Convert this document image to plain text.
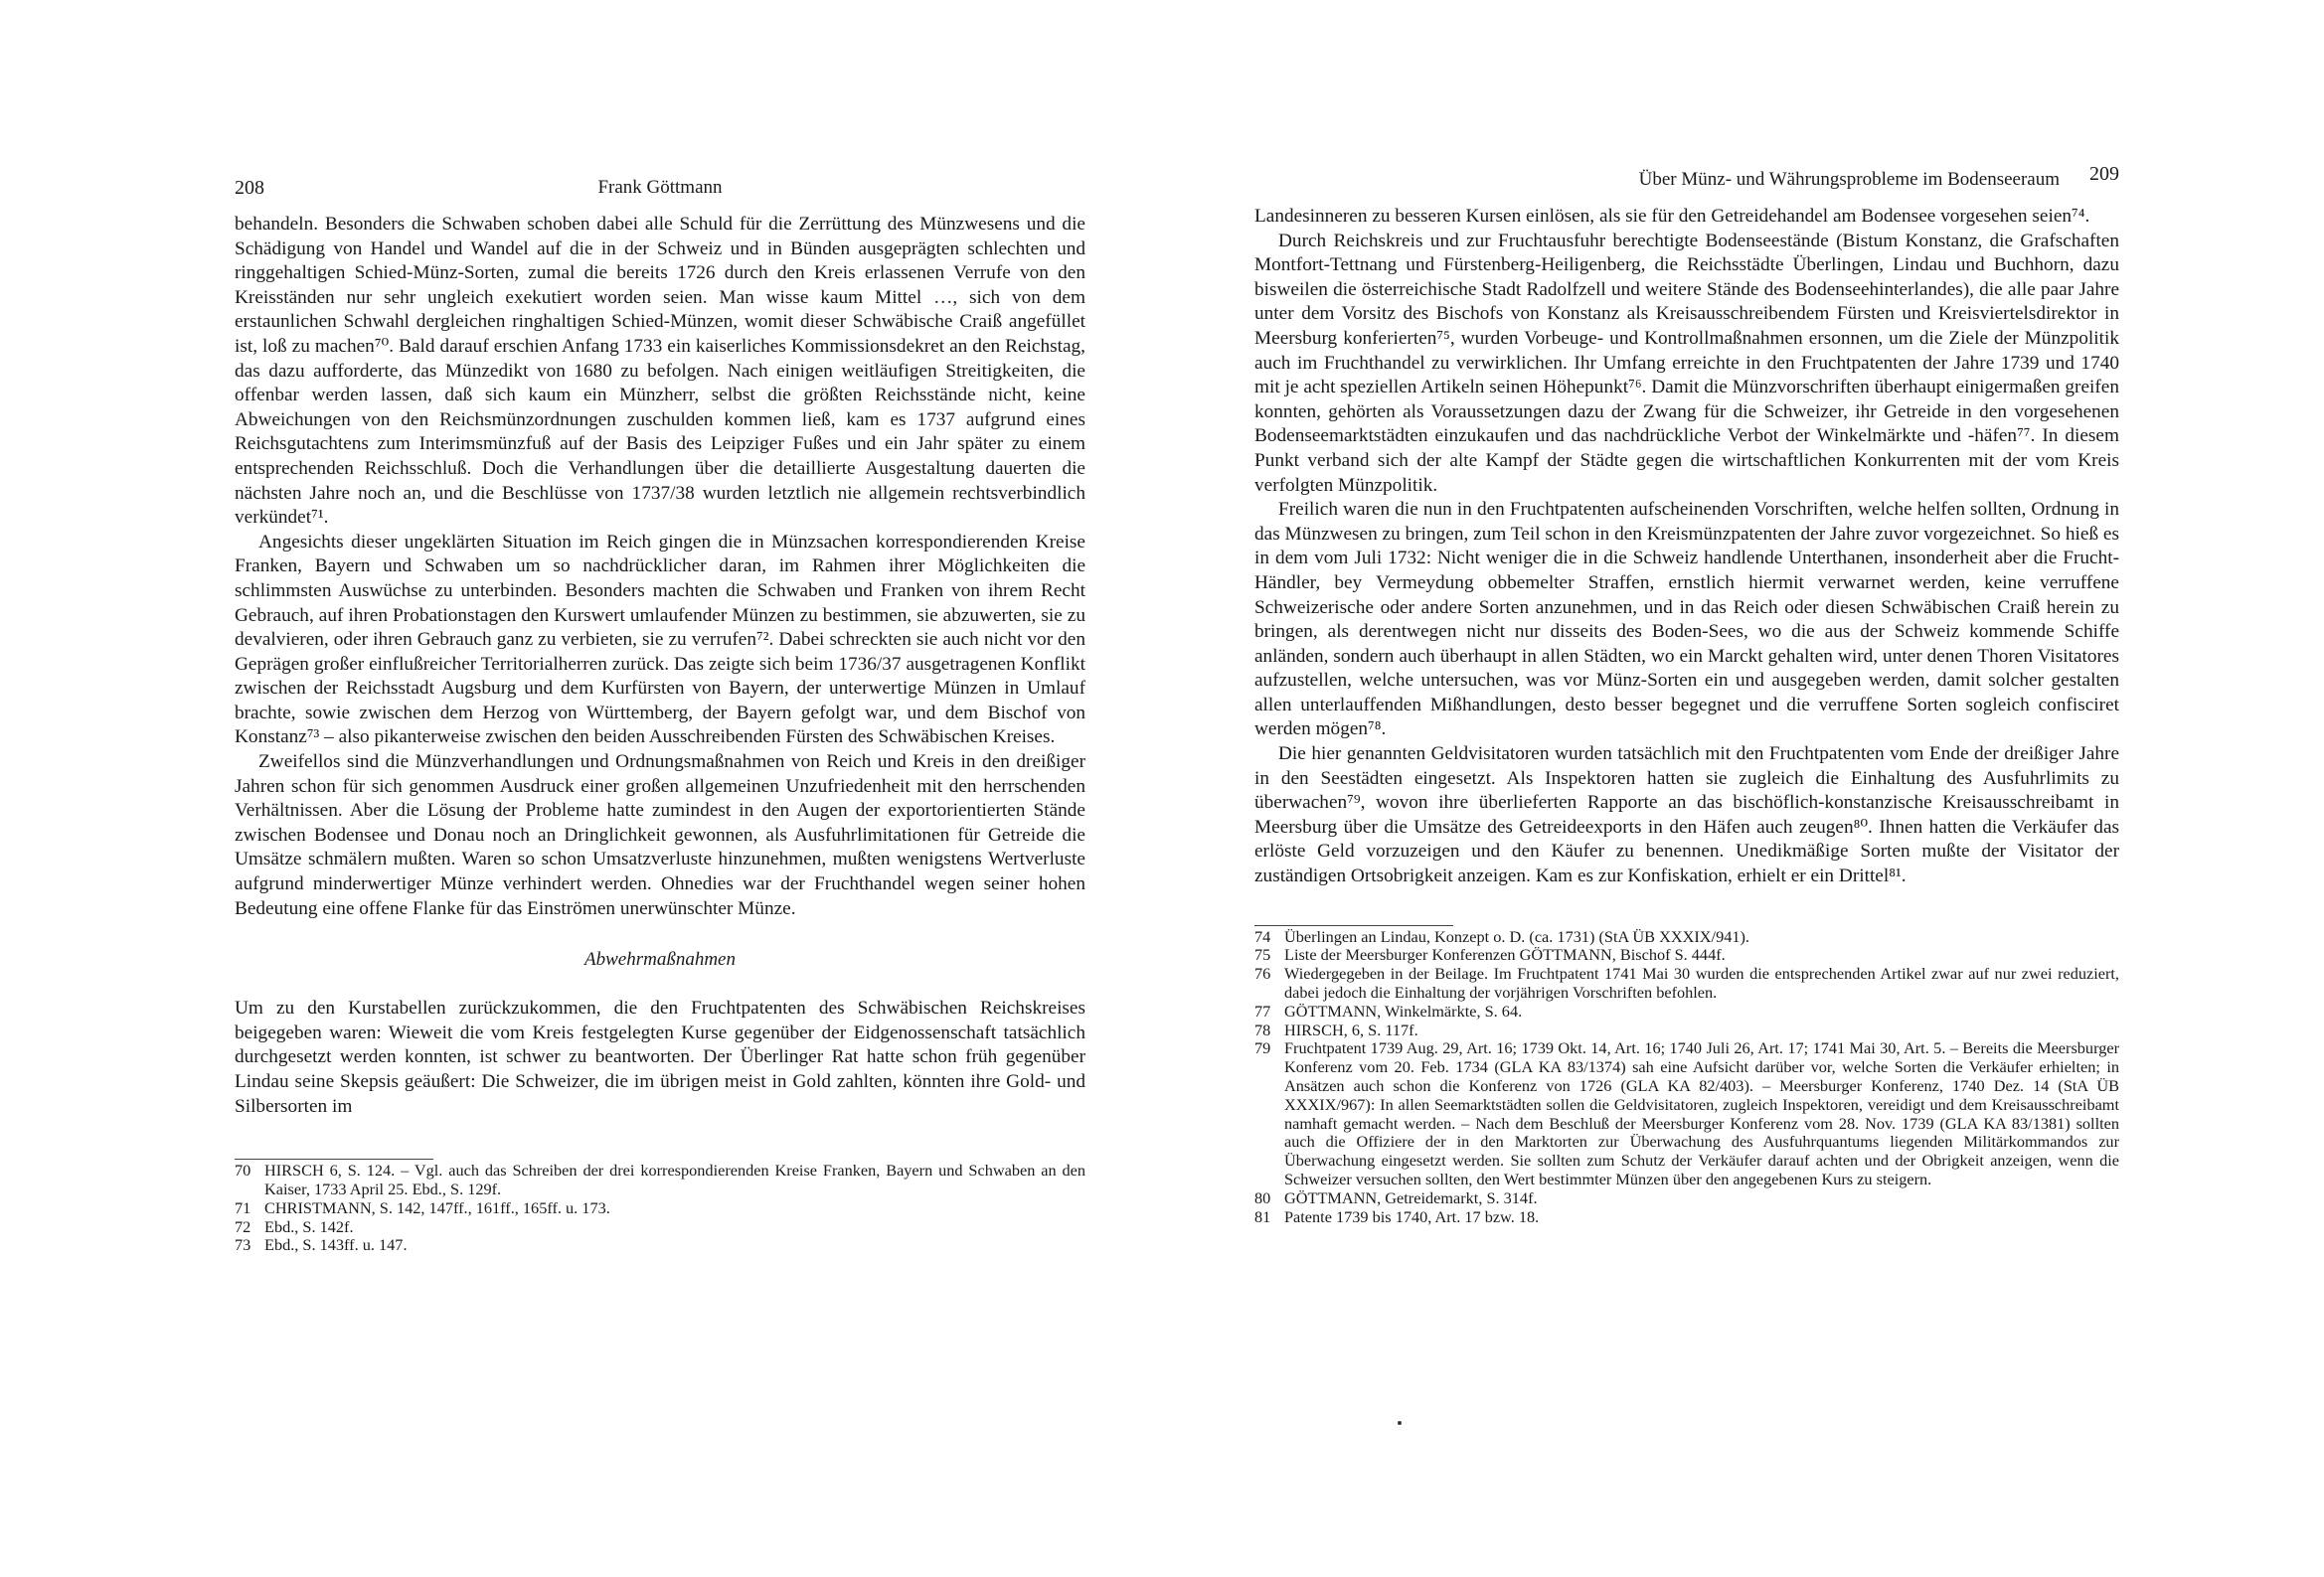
208	Frank Göttmann

behandeln. Besonders die Schwaben schoben dabei alle Schuld für die Zerrüttung des Münzwesens und die Schädigung von Handel und Wandel auf die in der Schweiz und in Bünden ausgeprägten schlechten und ringgehaltigen Schied-Münz-Sorten, zumal die bereits 1726 durch den Kreis erlassenen Verrufe von den Kreisständen nur sehr ungleich exekutiert worden seien. Man wisse kaum Mittel …, sich von dem erstaunlichen Schwahl dergleichen ringhaltigen Schied-Münzen, womit dieser Schwäbische Craiß angefüllet ist, loß zu machen⁷⁰. Bald darauf erschien Anfang 1733 ein kaiserliches Kommissionsdekret an den Reichstag, das dazu aufforderte, das Münzedikt von 1680 zu befolgen. Nach einigen weitläufigen Streitigkeiten, die offenbar werden lassen, daß sich kaum ein Münzherr, selbst die größten Reichsstände nicht, keine Abweichungen von den Reichsmünzordnungen zuschulden kommen ließ, kam es 1737 aufgrund eines Reichsgutachtens zum Interimsmünzfuß auf der Basis des Leipziger Fußes und ein Jahr später zu einem entsprechenden Reichsschluß. Doch die Verhandlungen über die detaillierte Ausgestaltung dauerten die nächsten Jahre noch an, und die Beschlüsse von 1737/38 wurden letztlich nie allgemein rechtsverbindlich verkündet⁷¹.

Angesichts dieser ungeklärten Situation im Reich gingen die in Münzsachen korrespondierenden Kreise Franken, Bayern und Schwaben um so nachdrücklicher daran, im Rahmen ihrer Möglichkeiten die schlimmsten Auswüchse zu unterbinden. Besonders machten die Schwaben und Franken von ihrem Recht Gebrauch, auf ihren Probationstagen den Kurswert umlaufender Münzen zu bestimmen, sie abzuwerten, sie zu devalvieren, oder ihren Gebrauch ganz zu verbieten, sie zu verrufen⁷². Dabei schreckten sie auch nicht vor den Geprägen großer einflußreicher Territorialherren zurück. Das zeigte sich beim 1736/37 ausgetragenen Konflikt zwischen der Reichsstadt Augsburg und dem Kurfürsten von Bayern, der unterwertige Münzen in Umlauf brachte, sowie zwischen dem Herzog von Württemberg, der Bayern gefolgt war, und dem Bischof von Konstanz⁷³ – also pikanterweise zwischen den beiden Ausschreibenden Fürsten des Schwäbischen Kreises.

Zweifellos sind die Münzverhandlungen und Ordnungsmaßnahmen von Reich und Kreis in den dreißiger Jahren schon für sich genommen Ausdruck einer großen allgemeinen Unzufriedenheit mit den herrschenden Verhältnissen. Aber die Lösung der Probleme hatte zumindest in den Augen der exportorientierten Stände zwischen Bodensee und Donau noch an Dringlichkeit gewonnen, als Ausfuhrlimitationen für Getreide die Umsätze schmälern mußten. Waren so schon Umsatzverluste hinzunehmen, mußten wenigstens Wertverluste aufgrund minderwertiger Münze verhindert werden. Ohnedies war der Fruchthandel wegen seiner hohen Bedeutung eine offene Flanke für das Einströmen unerwünschter Münze.

Abwehrmaßnahmen

Um zu den Kurstabellen zurückzukommen, die den Fruchtpatenten des Schwäbischen Reichskreises beigegeben waren: Wieweit die vom Kreis festgelegten Kurse gegenüber der Eidgenossenschaft tatsächlich durchgesetzt werden konnten, ist schwer zu beantworten. Der Überlinger Rat hatte schon früh gegenüber Lindau seine Skepsis geäußert: Die Schweizer, die im übrigen meist in Gold zahlten, könnten ihre Gold- und Silbersorten im

70 HIRSCH 6, S. 124. – Vgl. auch das Schreiben der drei korrespondierenden Kreise Franken, Bayern und Schwaben an den Kaiser, 1733 April 25. Ebd., S. 129f.
71 CHRISTMANN, S. 142, 147ff., 161ff., 165ff. u. 173.
72 Ebd., S. 142f.
73 Ebd., S. 143ff. u. 147.
Über Münz- und Währungsprobleme im Bodenseeraum 209

Landesinneren zu besseren Kursen einlösen, als sie für den Getreidehandel am Bodensee vorgesehen seien⁷⁴.

Durch Reichskreis und zur Fruchtausfuhr berechtigte Bodenseestände (Bistum Konstanz, die Grafschaften Montfort-Tettnang und Fürstenberg-Heiligenberg, die Reichsstädte Überlingen, Lindau und Buchhorn, dazu bisweilen die österreichische Stadt Radolfzell und weitere Stände des Bodenseehinterlandes), die alle paar Jahre unter dem Vorsitz des Bischofs von Konstanz als Kreisausschreibendem Fürsten und Kreisviertelsdirektor in Meersburg konferierten⁷⁵, wurden Vorbeuge- und Kontrollmaßnahmen ersonnen, um die Ziele der Münzpolitik auch im Fruchthandel zu verwirklichen. Ihr Umfang erreichte in den Fruchtpatenten der Jahre 1739 und 1740 mit je acht speziellen Artikeln seinen Höhepunkt⁷⁶. Damit die Münzvorschriften überhaupt einigermaßen greifen konnten, gehörten als Voraussetzungen dazu der Zwang für die Schweizer, ihr Getreide in den vorgesehenen Bodenseemarktstädten einzukaufen und das nachdrückliche Verbot der Winkelmärkte und -häfen⁷⁷. In diesem Punkt verband sich der alte Kampf der Städte gegen die wirtschaftlichen Konkurrenten mit der vom Kreis verfolgten Münzpolitik.

Freilich waren die nun in den Fruchtpatenten aufscheinenden Vorschriften, welche helfen sollten, Ordnung in das Münzwesen zu bringen, zum Teil schon in den Kreismünzpatenten der Jahre zuvor vorgezeichnet. So hieß es in dem vom Juli 1732: Nicht weniger die in die Schweiz handlende Unterthanen, insonderheit aber die Frucht-Händler, bey Vermeydung obbemelter Straffen, ernstlich hiermit verwarnet werden, keine verruffene Schweizerische oder andere Sorten anzunehmen, und in das Reich oder diesen Schwäbischen Craiß herein zu bringen, als derentwegen nicht nur disseits des Boden-Sees, wo die aus der Schweiz kommende Schiffe anländen, sondern auch überhaupt in allen Städten, wo ein Marckt gehalten wird, unter denen Thoren Visitatores aufzustellen, welche untersuchen, was vor Münz-Sorten ein und ausgegeben werden, damit solcher gestalten allen unterlauffenden Mißhandlungen, desto besser begegnet und die verruffene Sorten sogleich confisciret werden mögen⁷⁸.

Die hier genannten Geldvisitatoren wurden tatsächlich mit den Fruchtpatenten vom Ende der dreißiger Jahre in den Seestädten eingesetzt. Als Inspektoren hatten sie zugleich die Einhaltung des Ausfuhrlimits zu überwachen⁷⁹, wovon ihre überlieferten Rapporte an das bischöflich-konstanzische Kreisausschreibamt in Meersburg über die Umsätze des Getreideexports in den Häfen auch zeugen⁸⁰. Ihnen hatten die Verkäufer das erlöste Geld vorzuzeigen und den Käufer zu benennen. Unedikmäßige Sorten mußte der Visitator der zuständigen Ortsobrigkeit anzeigen. Kam es zur Konfiskation, erhielt er ein Drittel⁸¹.

74 Überlingen an Lindau, Konzept o. D. (ca. 1731) (StA ÜB XXXIX/941).
75 Liste der Meersburger Konferenzen GÖTTMANN, Bischof S. 444f.
76 Wiedergegeben in der Beilage. Im Fruchtpatent 1741 Mai 30 wurden die entsprechenden Artikel zwar auf nur zwei reduziert, dabei jedoch die Einhaltung der vorjährigen Vorschriften befohlen.
77 GÖTTMANN, Winkelmärkte, S. 64.
78 HIRSCH, 6, S. 117f.
79 Fruchtpatent 1739 Aug. 29, Art. 16; 1739 Okt. 14, Art. 16; 1740 Juli 26, Art. 17; 1741 Mai 30, Art. 5. – Bereits die Meersburger Konferenz vom 20. Feb. 1734 (GLA KA 83/1374) sah eine Aufsicht darüber vor, welche Sorten die Verkäufer erhielten; in Ansätzen auch schon die Konferenz von 1726 (GLA KA 82/403). – Meersburger Konferenz, 1740 Dez. 14 (StA ÜB XXXIX/967): In allen Seemarktstädten sollen die Geldvisitatoren, zugleich Inspektoren, vereidigt und dem Kreisausschreibamt namhaft gemacht werden. – Nach dem Beschluß der Meersburger Konferenz vom 28. Nov. 1739 (GLA KA 83/1381) sollten auch die Offiziere der in den Marktorten zur Überwachung des Ausfuhrquantums liegenden Militärkommandos zur Überwachung eingesetzt werden. Sie sollten zum Schutz der Verkäufer darauf achten und der Obrigkeit anzeigen, wenn die Schweizer versuchen sollten, den Wert bestimmter Münzen über den angegebenen Kurs zu steigern.
80 GÖTTMANN, Getreidemarkt, S. 314f.
81 Patente 1739 bis 1740, Art. 17 bzw. 18.
